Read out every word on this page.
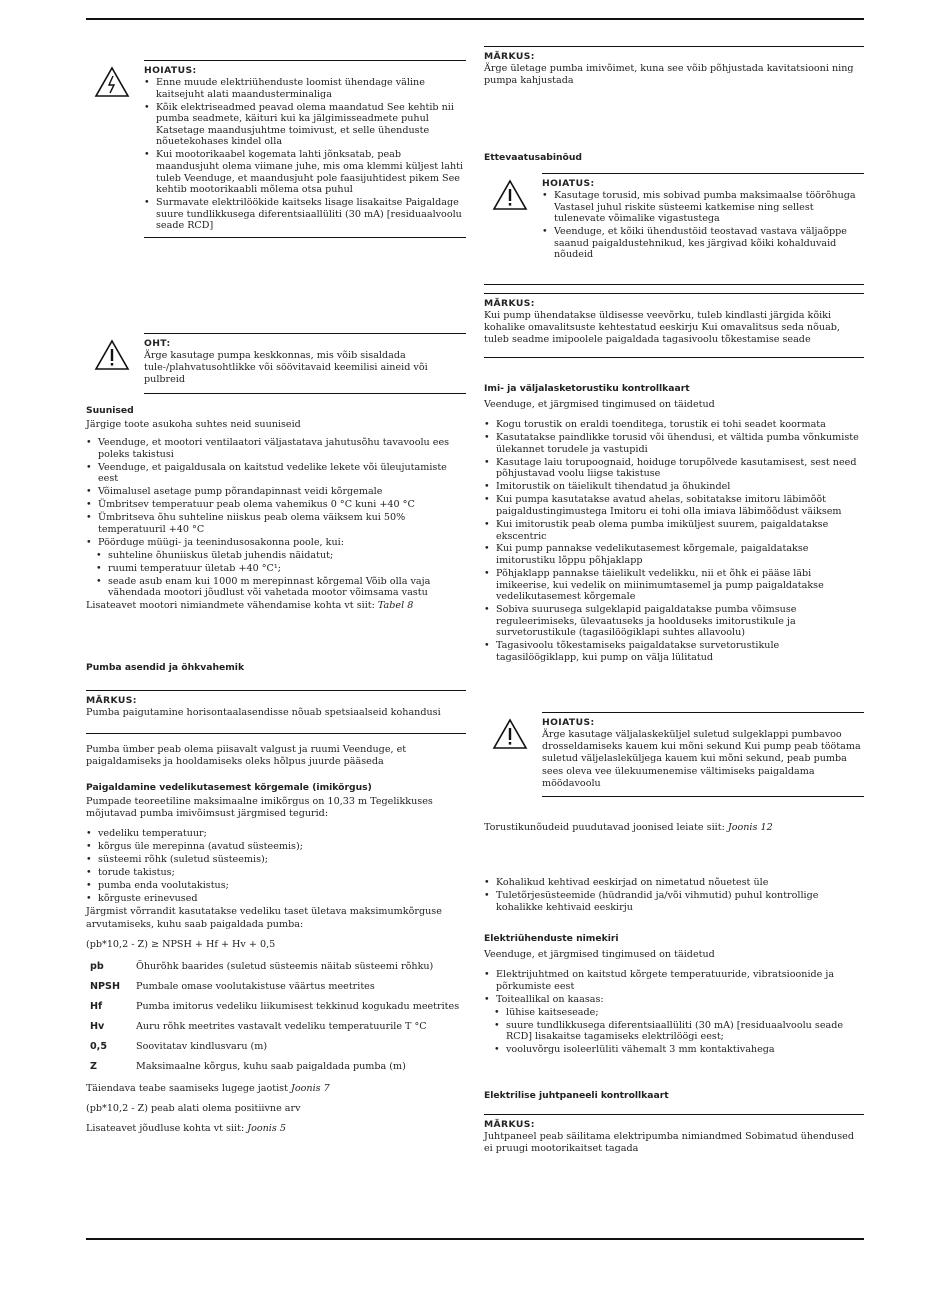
HOIATUS:

• Enne muude elektriühenduste loomist ühendage väline kaitsejuht alati maandusterminaliga
• Kõik elektriseadmed peavad olema maandatud See kehtib nii pumba seadmete, käituri kui ka jälgimisseadmete puhul Katsetage maandusjuhtme toimivust, et selle ühenduste nõuetekohases kindel olla
• Kui mootorikaabel kogemata lahti jõnksatab, peab maandusjuht olema viimane juhe, mis oma klemmi küljest lahti tuleb Veenduge, et maandusjuht pole faasijuhtidest pikem See kehtib mootorikaabli mõlema otsa puhul
• Surmavate elektrilöökide kaitseks lisage lisakaitse Paigaldage suure tundlikkusega diferentsiaallüliti (30 mA) [residuaalvoolu seade RCD]

OHT:

Ärge kasutage pumpa keskkonnas, mis võib sisaldada tule-/plahvatusohtlikke või söövitavaid keemilisi aineid või pulbreid

Suunised

Järgige toote asukoha suhtes neid suuniseid

• Veenduge, et mootori ventilaatori väljastatava jahutusõhu tavavoolu ees poleks takistusi
• Veenduge, et paigaldusala on kaitstud vedelike lekete või üleujutamiste eest
• Võimalusel asetage pump põrandapinnast veidi kõrgemale
• Ümbritsev temperatuur peab olema vahemikus 0 °C kuni +40 °C
• Ümbritseva õhu suhteline niiskus peab olema väiksem kui 50% temperatuuril +40 °C
• Pöörduge müügi- ja teenindusosakonna poole, kui:
• suhteline õhuniiskus ületab juhendis näidatut;
• ruumi temperatuur ületab +40 °C¹;
• seade asub enam kui 1000 m merepinnast kõrgemal Võib olla vaja vähendada mootori jõudlust või vahetada mootor võimsama vastu

Lisateavet mootori nimiandmete vähendamise kohta vt siit: Tabel 8

Pumba asendid ja õhkvahemik

MÄRKUS:

Pumba paigutamine horisontaalasendisse nõuab spetsiaalseid kohandusi

Pumba ümber peab olema piisavalt valgust ja ruumi Veenduge, et paigaldamiseks ja hooldamiseks oleks hõlpus juurde pääseda

Paigaldamine vedelikutasemest kõrgemale (imikõrgus)

Pumpade teoreetiline maksimaalne imikõrgus on 10,33 m Tegelikkuses mõjutavad pumba imivõimsust järgmised tegurid:

• vedeliku temperatuur;
• kõrgus üle merepinna (avatud süsteemis);
• süsteemi rõhk (suletud süsteemis);
• torude takistus;
• pumba enda voolutakistus;
• kõrguste erinevused

Järgmist võrrandit kasutatakse vedeliku taset ületava maksimumkõrguse arvutamiseks, kuhu saab paigaldada pumba:

(pb*10,2 - Z) ≥ NPSH + Hf + Hv + 0,5

pb	Õhurõhk baarides (suletud süsteemis näitab süsteemi rõhku)
NPSH	Pumbale omase voolutakistuse väärtus meetrites
Hf	Pumba imitorus vedeliku liikumisest tekkinud kogukadu meetrites
Hv	Auru rõhk meetrites vastavalt vedeliku temperatuurile T °C
0,5	Soovitatav kindlusvaru (m)
Z	Maksimaalne kõrgus, kuhu saab paigaldada pumba (m)

Täiendava teabe saamiseks lugege jaotist Joonis 7

(pb*10,2 - Z) peab alati olema positiivne arv

Lisateavet jõudluse kohta vt siit: Joonis 5

MÄRKUS:

Ärge ületage pumba imivõimet, kuna see võib põhjustada kavitatsiooni ning pumpa kahjustada

Ettevaatusabinõud

HOIATUS:

• Kasutage torusid, mis sobivad pumba maksimaalse töörõhuga Vastasel juhul riskite süsteemi katkemise ning sellest tulenevate võimalike vigastustega
• Veenduge, et kõiki ühendustöid teostavad vastava väljaõppe saanud paigaldustehnikud, kes järgivad kõiki kohalduvaid nõudeid

MÄRKUS:

Kui pump ühendatakse üldisesse veevõrku, tuleb kindlasti järgida kõiki kohalike omavalitsuste kehtestatud eeskirju Kui omavalitsus seda nõuab, tuleb seadme imipoolele paigaldada tagasivoolu tõkestamise seade

Imi- ja väljalasketorustiku kontrollkaart

Veenduge, et järgmised tingimused on täidetud

• Kogu torustik on eraldi toenditega, torustik ei tohi seadet koormata
• Kasutatakse paindlikke torusid või ühendusi, et vältida pumba võnkumiste ülekannet torudele ja vastupidi
• Kasutage laiu torupoognaid, hoiduge torupõlvede kasutamisest, sest need põhjustavad voolu liigse takistuse
• Imitorustik on täielikult tihendatud ja õhukindel
• Kui pumpa kasutatakse avatud ahelas, sobitatakse imitoru läbimõõt paigaldustingimustega Imitoru ei tohi olla imiava läbimõõdust väiksem
• Kui imitorustik peab olema pumba imiküljest suurem, paigaldatakse ekscentric
• Kui pump pannakse vedelikutasemest kõrgemale, paigaldatakse imitorustiku lõppu põhjaklapp
• Põhjaklapp pannakse täielikult vedelikku, nii et õhk ei pääse läbi imikeerise, kui vedelik on miinimumtasemel ja pump paigaldatakse vedelikutasemest kõrgemale
• Sobiva suurusega sulgeklapid paigaldatakse pumba võimsuse reguleerimiseks, ülevaatuseks ja hoolduseks imitorustikule ja survetorustikule (tagasilöögiklapi suhtes allavoolu)
• Tagasivoolu tõkestamiseks paigaldatakse survetorustikule tagasilöögiklapp, kui pump on välja lülitatud

HOIATUS:

Ärge kasutage väljalaskeküljel suletud sulgeklappi pumbavoo drosseldamiseks kauem kui mõni sekund Kui pump peab töötama suletud väljelasleküljega kauem kui mõni sekund, peab pumba sees oleva vee ülekuumenemise vältimiseks paigaldama möödavoolu

Torustikunõudeid puudutavad joonised leiate siit: Joonis 12

• Kohalikud kehtivad eeskirjad on nimetatud nõuetest üle
• Tuletõrjesüsteemide (hüdrandid ja/või vihmutid) puhul kontrollige kohalikke kehtivaid eeskirju

Elektriühenduste nimekiri

Veenduge, et järgmised tingimused on täidetud

• Elektrijuhtmed on kaitstud kõrgete temperatuuride, vibratsioonide ja põrkumiste eest
• Toiteallikal on kaasas:
• lühise kaitseseade;
• suure tundlikkusega diferentsiaallüliti (30 mA) [residuaalvoolu seade RCD] lisakaitse tagamiseks elektrilöögi eest;
• vooluvõrgu isoleerlüliti vähemalt 3 mm kontaktivahega

Elektrilise juhtpaneeli kontrollkaart

MÄRKUS:

Juhtpaneel peab säilitama elektripumba nimiandmed Sobimatud ühendused ei pruugi mootorikaitset tagada
